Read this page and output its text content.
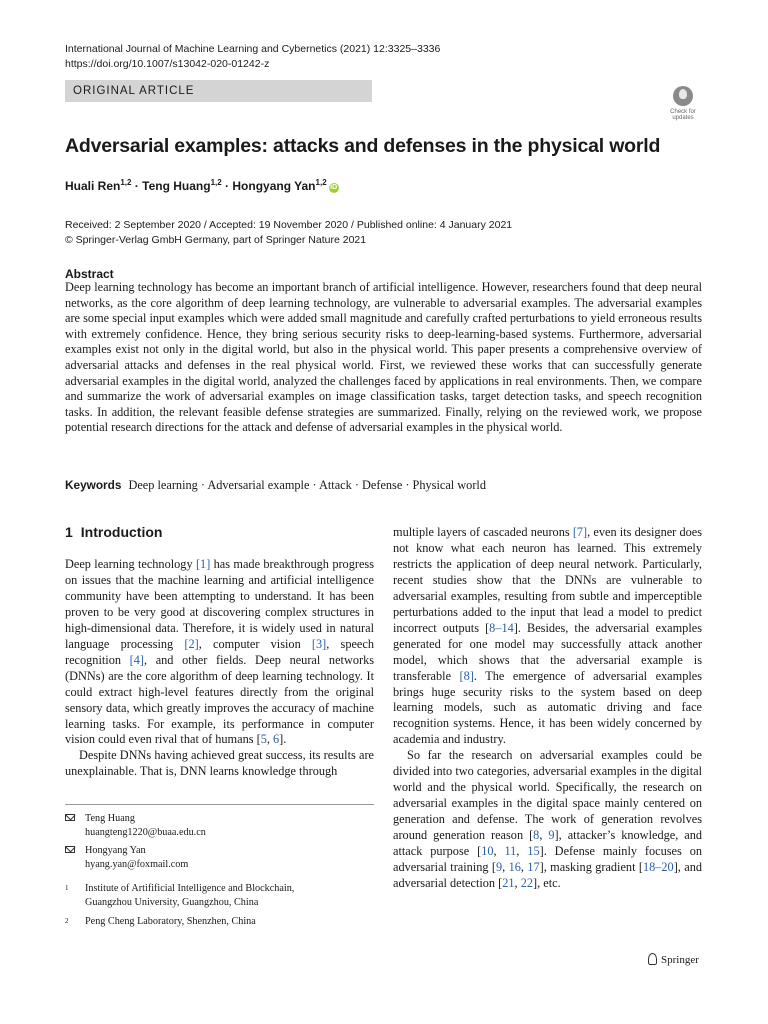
International Journal of Machine Learning and Cybernetics (2021) 12:3325–3336
https://doi.org/10.1007/s13042-020-01242-z
ORIGINAL ARTICLE
Check for
updates
Adversarial examples: attacks and defenses in the physical world
Huali Ren$^{1,2}$ · Teng Huang$^{1,2}$ · Hongyang Yan$^{1,2}$iD
Received: 2 September 2020 / Accepted: 19 November 2020 / Published online: 4 January 2021
© Springer-Verlag GmbH Germany, part of Springer Nature 2021
Abstract
Deep learning technology has become an important branch of artificial intelligence. However, researchers found that deep neural networks, as the core algorithm of deep learning technology, are vulnerable to adversarial examples. The adversarial examples are some special input examples which were added small magnitude and carefully crafted perturbations to yield erroneous results with extremely confidence. Hence, they bring serious security risks to deep-learning-based systems. Furthermore, adversarial examples exist not only in the digital world, but also in the physical world. This paper presents a comprehensive overview of adversarial attacks and defenses in the real physical world. First, we reviewed these works that can successfully generate adversarial examples in the digital world, analyzed the challenges faced by applications in real environments. Then, we compare and summarize the work of adversarial examples on image classification tasks, target detection tasks, and speech recognition tasks. In addition, the relevant feasible defense strategies are summarized. Finally, relying on the reviewed work, we propose potential research directions for the attack and defense of adversarial examples in the physical world.
Keywords Deep learning · Adversarial example · Attack · Defense · Physical world
1 Introduction

Deep learning technology [1] has made breakthrough progress on issues that the machine learning and artificial intelligence community have been attempting to understand. It has been proven to be very good at discovering complex structures in high-dimensional data. Therefore, it is widely used in natural language processing [2], computer vision [3], speech recognition [4], and other fields. Deep neural networks (DNNs) are the core algorithm of deep learning technology. It could extract high-level features directly from the original sensory data, which greatly improves the accuracy of machine learning tasks. For example, its performance in computer vision could even rival that of humans [5, 6].

Despite DNNs having achieved great success, its results are unexplainable. That is, DNN learns knowledge through

multiple layers of cascaded neurons [7], even its designer does not know what each neuron has learned. This extremely restricts the application of deep neural network. Particularly, recent studies show that the DNNs are vulnerable to adversarial examples, resulting from subtle and imperceptible perturbations added to the input that lead a model to predict incorrect outputs [8–14]. Besides, the adversarial examples generated for one model may successfully attack another model, which shows that the adversarial example is transferable [8]. The emergence of adversarial examples brings huge security risks to the system based on deep learning models, such as automatic driving and face recognition systems. Hence, it has been widely concerned by academia and industry.

So far the research on adversarial examples could be divided into two categories, adversarial examples in the digital world and the physical world. Specifically, the research on adversarial examples in the digital space mainly centered on generation and defense. The work of generation revolves around generation reason [8, 9], attacker’s knowledge, and attack purpose [10, 11, 15]. Defense mainly focuses on adversarial training [9, 16, 17], masking gradient [18–20], and adversarial detection [21, 22], etc.

Teng Huang
huangteng1220@buaa.edu.cn
Hongyang Yan
hyang.yan@foxmail.com
$^1$	Institute of Artifificial Intelligence and Blockchain,
Guangzhou University, Guangzhou, China
$^2$	Peng Cheng Laboratory, Shenzhen, China
Springer
